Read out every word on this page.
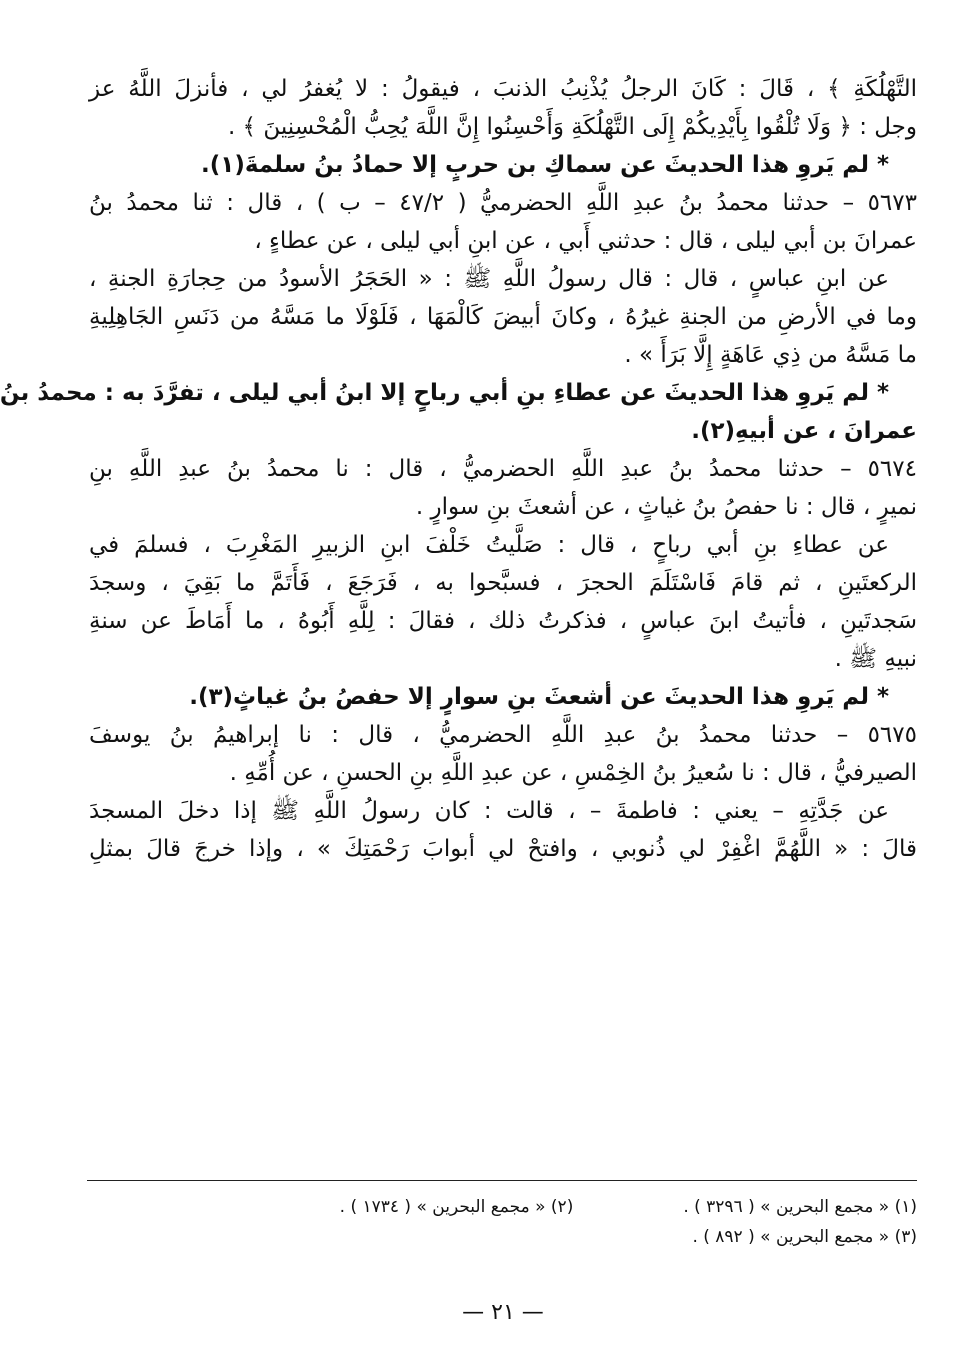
التَّهْلُكَةِ ﴾ ، قَالَ : كَانَ الرجلُ يُذْنِبُ الذنبَ ، فيقولُ : لا يُغفرُ لي ، فأنزلَ اللَّهُ عز
وجل : ﴿ وَلَا تُلْقُوا بِأَيْدِيكُمْ إِلَى التَّهْلُكَةِ وَأَحْسِنُوا إِنَّ اللَّهَ يُحِبُّ الْمُحْسِنِينَ ﴾ .
* لم يَروِ هذا الحديثَ عن سماكِ بن حربٍ إلا حمادُ بنُ سلمةَ(١).
٥٦٧٣ – حدثنا محمدُ بنُ عبدِ اللَّهِ الحضرميُّ ( ٤٧/٢ – ب ) ، قال : ثنا محمدُ بنُ
عمرانَ بن أبي ليلى ، قال : حدثني أَبي ، عن ابنِ أبي ليلى ، عن عطاءٍ ،
عن ابنِ عباسٍ ، قال : قال رسولُ اللَّهِ ﷺ : « الحَجَرُ الأسودُ من حِجارَةِ الجنةِ ،
وما في الأرضِ من الجنةِ غيرُهُ ، وكانَ أبيضَ كَالْمَهَا ، فَلَوْلَا ما مَسَّهُ من دَنَسِ الجَاهِلِيةِ
ما مَسَّهُ من ذِي عَاهَةٍ إِلَّا بَرَأَ » .
* لم يَروِ هذا الحديثَ عن عطاءِ بنِ أبي رباحٍ إلا ابنُ أبي ليلى ، تفرَّدَ به : محمدُ بنُ
عمرانَ ، عن أبيهِ(٢).
٥٦٧٤ – حدثنا محمدُ بنُ عبدِ اللَّهِ الحضرميُّ ، قال : نا محمدُ بنُ عبدِ اللَّهِ بنِ
نميرٍ ، قال : نا حفصُ بنُ غياثٍ ، عن أشعثَ بنِ سوارٍ .
عن عطاءِ بنِ أبي رباحٍ ، قال : صَلَّيتُ خَلْفَ ابنِ الزبيرِ المَغْرِبَ ، فسلمَ في
الركعتَينِ ، ثم قامَ فَاسْتَلَمَ الحجرَ ، فسبَّحوا به ، فَرَجَعَ ، فَأَتَمَّ ما بَقِيَ ، وسجدَ
سَجدتَينِ ، فأتيتُ ابنَ عباسٍ ، فذكرتُ ذلك ، فقالَ : لِلَّهِ أَبُوهُ ، ما أَمَاطَ عن سنةِ
نبيهِ ﷺ .
* لم يَروِ هذا الحديثَ عن أشعثَ بنِ سوارٍ إلا حفصُ بنُ غياثٍ(٣).
٥٦٧٥ – حدثنا محمدُ بنُ عبدِ اللَّهِ الحضرميُّ ، قال : نا إبراهيمُ بنُ يوسفَ
الصيرفيُّ ، قال : نا سُعيرُ بنُ الخِمْسِ ، عن عبدِ اللَّهِ بنِ الحسنِ ، عن أُمِّهِ .
عن جَدَّتِهِ – يعني : فاطمةَ – ، قالت : كان رسولُ اللَّهِ ﷺ إذا دخلَ المسجدَ
قالَ : « اللَّهُمَّ اغْفِرْ لي ذُنوبي ، وافتحْ لي أبوابَ رَحْمَتِكَ » ، وإذا خرجَ قالَ بمثلِ
(١) « مجمع البحرين » ( ٣٢٩٦ ) .
(٢) « مجمع البحرين » ( ١٧٣٤ ) .
(٣) « مجمع البحرين » ( ٨٩٢ ) .
— ٢١ —
